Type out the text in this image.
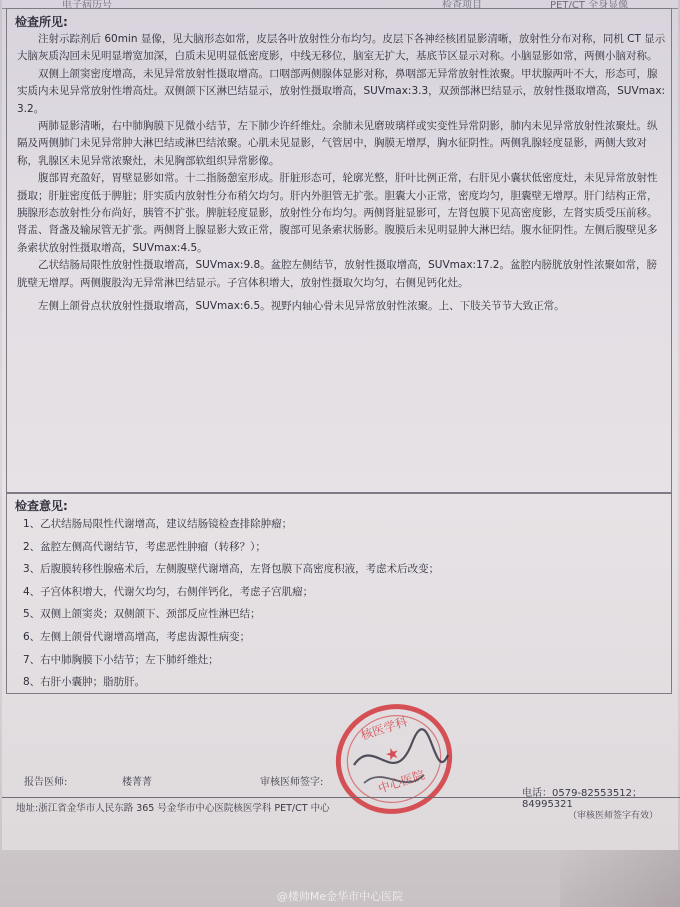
电子病历号	检查项目	PET/CT 全身显像
检查所见:

注射示踪剂后 60min 显像，见大脑形态如常，皮层各叶放射性分布均匀。皮层下各神经核团显影清晰，放射性分布对称，同机 CT 显示大脑灰质沟回未见明显增宽加深，白质未见明显低密度影，中线无移位，脑室无扩大，基底节区显示对称。小脑显影如常，两侧小脑对称。

双侧上颌窦密度增高，未见异常放射性摄取增高。口咽部两侧腺体显影对称，鼻咽部无异常放射性浓聚。甲状腺两叶不大，形态可，腺实质内未见异常放射性增高灶。双侧颌下区淋巴结显示，放射性摄取增高，SUVmax:3.3，双颈部淋巴结显示，放射性摄取增高，SUVmax:3.2。

两肺显影清晰，右中肺胸膜下见微小结节，左下肺少许纤维灶。余肺未见磨玻璃样或实变性异常阴影，肺内未见异常放射性浓聚灶。纵隔及两侧肺门未见异常肿大淋巴结或淋巴结浓聚。心肌未见显影，气管居中，胸膜无增厚，胸水征阴性。两侧乳腺轻度显影，两侧大致对称，乳腺区未见异常浓聚灶，未见胸部软组织异常影像。

腹部胃充盈好，胃壁显影如常。十二指肠憩室形成。肝脏形态可，轮廓光整，肝叶比例正常，右肝见小囊状低密度灶，未见异常放射性摄取；肝脏密度低于脾脏；肝实质内放射性分布稍欠均匀。肝内外胆管无扩张。胆囊大小正常，密度均匀，胆囊壁无增厚。肝门结构正常，胰腺形态放射性分布尚好，胰管不扩张。脾脏轻度显影，放射性分布均匀。两侧肾脏显影可，左肾包膜下见高密度影，左肾实质受压前移。肾盂、肾盏及输尿管无扩张。两侧肾上腺显影大致正常，腹部可见条索状肠影。腹膜后未见明显肿大淋巴结。腹水征阴性。左侧后腹壁见多条索状放射性摄取增高，SUVmax:4.5。

乙状结肠局限性放射性摄取增高，SUVmax:9.8。盆腔左侧结节，放射性摄取增高，SUVmax:17.2。盆腔内膀胱放射性浓聚如常，膀胱壁无增厚。两侧腹股沟无异常淋巴结显示。子宫体积增大，放射性摄取欠均匀，右侧见钙化灶。

左侧上颌骨点状放射性摄取增高，SUVmax:6.5。视野内轴心骨未见异常放射性浓聚。上、下肢关节节大致正常。

检查意见:
1、乙状结肠局限性代谢增高，建议结肠镜检查排除肿瘤；
2、盆腔左侧高代谢结节，考虑恶性肿瘤（转移？）；
3、后腹膜转移性腺癌术后，左侧腹壁代谢增高，左肾包膜下高密度积液，考虑术后改变；
4、子宫体积增大，代谢欠均匀，右侧伴钙化，考虑子宫肌瘤；
5、双侧上颌窦炎；双侧颌下、颈部反应性淋巴结；
6、左侧上颌骨代谢增高增高，考虑齿源性病变；
7、右中肺胸膜下小结节；左下肺纤维灶；
8、右肝小囊肿；脂肪肝。
核医学科
★
中心医院
报告医师:	楼菁菁	审核医师签字:
电话：0579-82553512；84995321
地址:浙江省金华市人民东路 365 号金华市中心医院核医学科 PET/CT 中心
（审核医师签字有效）
@楼帅Me金华市中心医院
